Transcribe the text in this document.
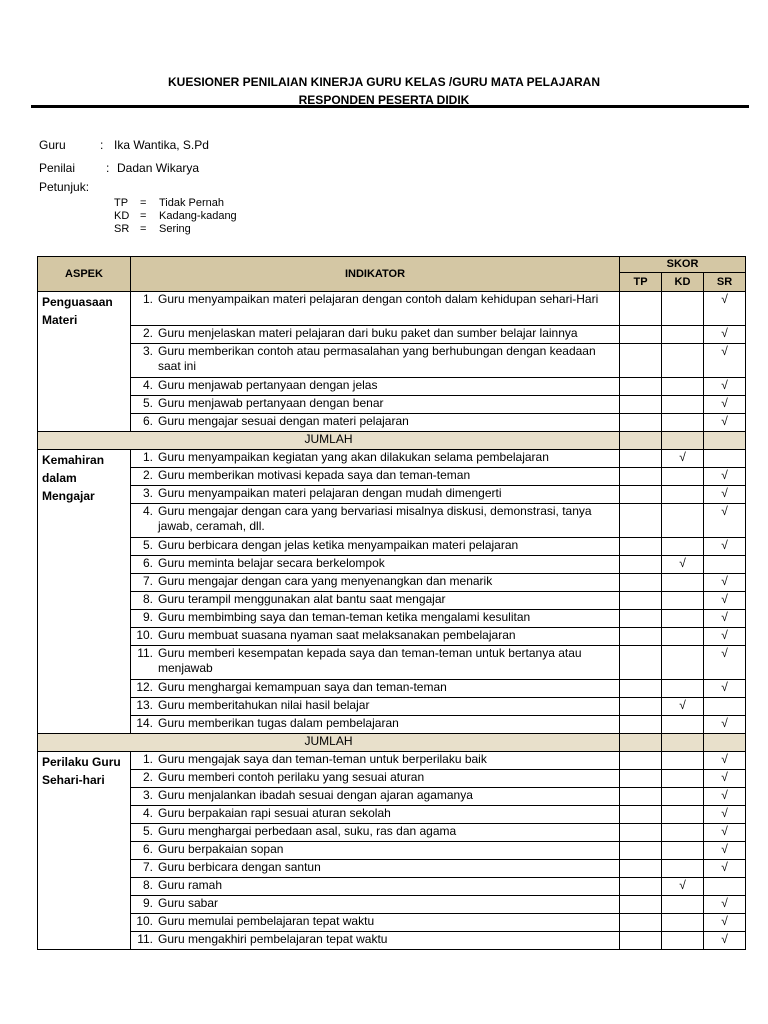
KUESIONER PENILAIAN KINERJA GURU KELAS /GURU MATA PELAJARAN
RESPONDEN PESERTA DIDIK
Guru	: Ika Wantika, S.Pd
Penilai	: Dadan Wikarya
Petunjuk:
TP = Tidak Pernah
KD = Kadang-kadang
SR = Sering
ASPEK	INDIKATOR	SKOR		
		TP	KD	SR
Penguasaan Materi	1. Guru menyampaikan materi pelajaran dengan contoh dalam kehidupan sehari-Hari			√

	2. Guru menjelaskan materi pelajaran dari buku paket dan sumber belajar lainnya			√

	3. Guru memberikan contoh atau permasalahan yang berhubungan dengan keadaan saat ini			√

	4. Guru menjawab pertanyaan dengan jelas			√

	5. Guru menjawab pertanyaan dengan benar			√

	6. Guru mengajar sesuai dengan materi pelajaran			√
JUMLAH				
Kemahiran dalam Mengajar	1. Guru menyampaikan kegiatan yang akan dilakukan selama pembelajaran		√	

	2. Guru memberikan motivasi kepada saya dan teman-teman			√

	3. Guru menyampaikan materi pelajaran dengan mudah dimengerti			√

	4. Guru mengajar dengan cara yang bervariasi misalnya diskusi, demonstrasi, tanya jawab, ceramah, dll.			√

	5. Guru berbicara dengan jelas ketika menyampaikan materi pelajaran			√

	6. Guru meminta belajar secara berkelompok		√	

	7. Guru mengajar dengan cara yang menyenangkan dan menarik			√

	8. Guru terampil menggunakan alat bantu saat mengajar			√

	9. Guru membimbing saya dan teman-teman ketika mengalami kesulitan			√

	10. Guru membuat suasana nyaman saat melaksanakan pembelajaran			√

	11. Guru memberi kesempatan kepada saya dan teman-teman untuk bertanya atau menjawab			√

	12. Guru menghargai kemampuan saya dan teman-teman			√

	13. Guru memberitahukan nilai hasil belajar		√	

	14. Guru memberikan tugas dalam pembelajaran			√
JUMLAH				
Perilaku Guru Sehari-hari	1. Guru mengajak saya dan teman-teman untuk berperilaku baik			√

	2. Guru memberi contoh perilaku yang sesuai aturan			√

	3. Guru menjalankan ibadah sesuai dengan ajaran agamanya			√

	4. Guru berpakaian rapi sesuai aturan sekolah			√

	5. Guru menghargai perbedaan asal, suku, ras dan agama			√

	6. Guru berpakaian sopan			√

	7. Guru berbicara dengan santun			√

	8. Guru ramah		√	

	9. Guru sabar			√

	10. Guru memulai pembelajaran tepat waktu			√

	11. Guru mengakhiri pembelajaran tepat waktu			√
